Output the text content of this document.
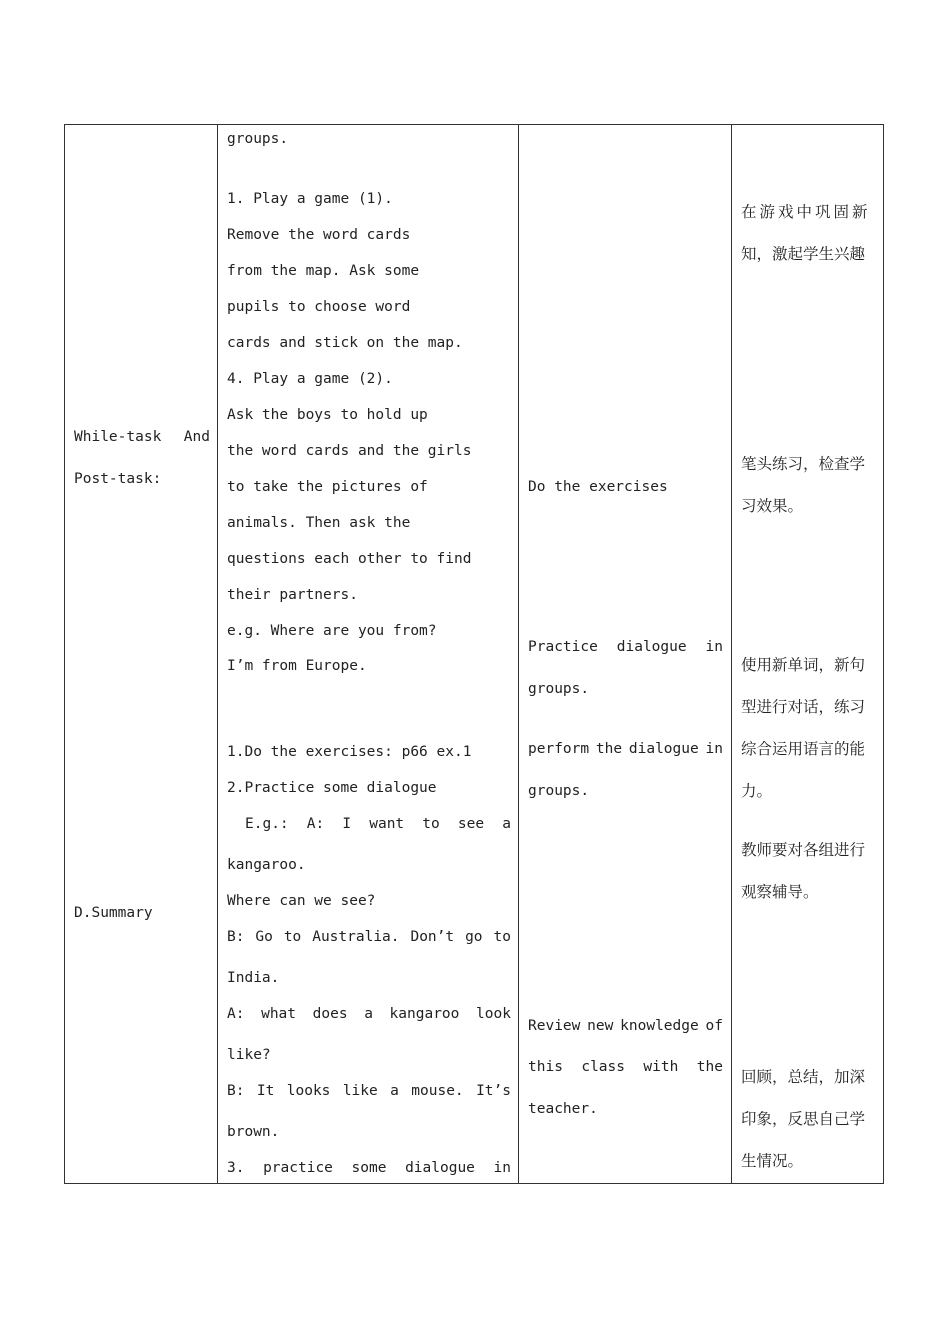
While-task And
Post-task:
D.Summary
groups.
1. Play a game (1).
Remove the word cards
from the map. Ask some
pupils to choose word
cards and stick on the map.
4. Play a game (2).
Ask the boys to hold up
the word cards and the girls
to take the pictures of
animals. Then ask the
questions each other to find
their partners.
e.g. Where are you from?
I’m from Europe.
1.Do the exercises: p66 ex.1
2.Practice some dialogue
E.g.: A: I want to see a
kangaroo.
Where can we see?
B: Go to Australia. Don’t go to
India.
A: what does a kangaroo look
like?
B: It looks like a mouse. It’s
brown.
3. practice some dialogue in
Do the exercises
Practice dialogue in
groups.
perform the dialogue in
groups.
Review new knowledge of
this class with the
teacher.
在游戏中巩固新
知，激起学生兴趣
笔头练习，检查学
习效果。
使用新单词，新句
型进行对话，练习
综合运用语言的能
力。
教师要对各组进行
观察辅导。
回顾，总结，加深
印象，反思自己学
生情况。
